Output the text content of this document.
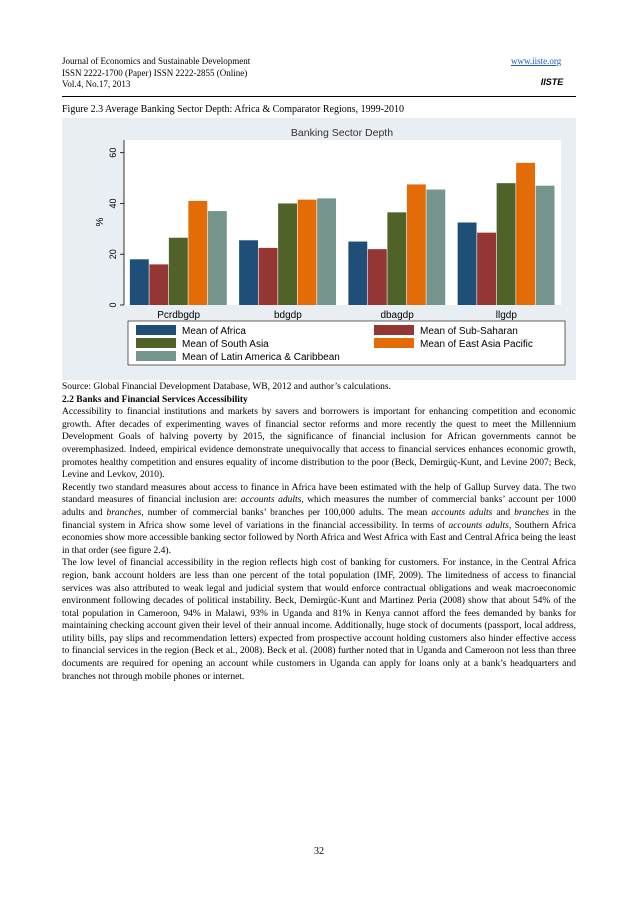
Journal of Economics and Sustainable Development
ISSN 2222-1700 (Paper) ISSN 2222-2855 (Online)
Vol.4, No.17, 2013
www.iiste.org
IISTE
Figure 2.3 Average Banking Sector Depth: Africa & Comparator Regions, 1999-2010
Banking Sector Depth
0
20
40
60
%
Pcrdbgdp	bdgdp	dbagdp	llgdp
Mean of Africa	Mean of Sub-Saharan
Mean of South Asia	Mean of East Asia Pacific
Mean of Latin America & Caribbean

Source: Global Financial Development Database, WB, 2012 and author’s calculations.

2.2 Banks and Financial Services Accessibility

Accessibility to financial institutions and markets by savers and borrowers is important for enhancing competition and economic growth. After decades of experimenting waves of financial sector reforms and more recently the quest to meet the Millennium Development Goals of halving poverty by 2015, the significance of financial inclusion for African governments cannot be overemphasized. Indeed, empirical evidence demonstrate unequivocally that access to financial services enhances economic growth, promotes healthy competition and ensures equality of income distribution to the poor (Beck, Demirgüç-Kunt, and Levine 2007; Beck, Levine and Levkov, 2010).

Recently two standard measures about access to finance in Africa have been estimated with the help of Gallup Survey data. The two standard measures of financial inclusion are: accounts adults, which measures the number of commercial banks’ account per 1000 adults and branches, number of commercial banks’ branches per 100,000 adults. The mean accounts adults and branches in the financial system in Africa show some level of variations in the financial accessibility. In terms of accounts adults, Southern Africa economies show more accessible banking sector followed by North Africa and West Africa with East and Central Africa being the least in that order (see figure 2.4).

The low level of financial accessibility in the region reflects high cost of banking for customers. For instance, in the Central Africa region, bank account holders are less than one percent of the total population (IMF, 2009). The limitedness of access to financial services was also attributed to weak legal and judicial system that would enforce contractual obligations and weak macroeconomic environment following decades of political instability. Beck, Demirgüc-Kunt and Martinez Peria (2008) show that about 54% of the total population in Cameroon, 94% in Malawi, 93% in Uganda and 81% in Kenya cannot afford the fees demanded by banks for maintaining checking account given their level of their annual income. Additionally, huge stock of documents (passport, local address, utility bills, pay slips and recommendation letters) expected from prospective account holding customers also hinder effective access to financial services in the region (Beck et al., 2008). Beck et al. (2008) further noted that in Uganda and Cameroon not less than three documents are required for opening an account while customers in Uganda can apply for loans only at a bank’s headquarters and branches not through mobile phones or internet.

32
